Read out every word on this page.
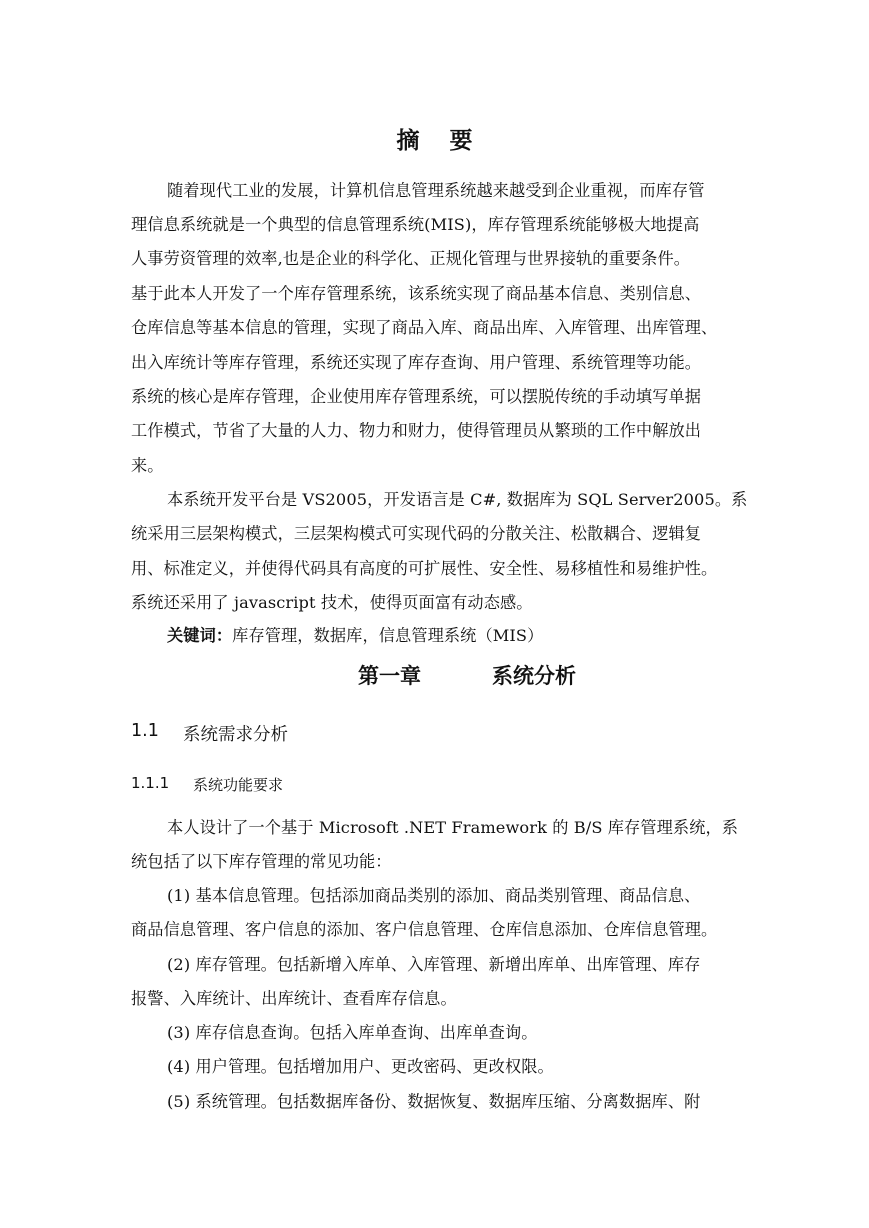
摘要
随着现代工业的发展，计算机信息管理系统越来越受到企业重视，而库存管
理信息系统就是一个典型的信息管理系统(MIS)，库存管理系统能够极大地提高
人事劳资管理的效率,也是企业的科学化、正规化管理与世界接轨的重要条件。
基于此本人开发了一个库存管理系统，该系统实现了商品基本信息、类别信息、
仓库信息等基本信息的管理，实现了商品入库、商品出库、入库管理、出库管理、
出入库统计等库存管理，系统还实现了库存查询、用户管理、系统管理等功能。
系统的核心是库存管理，企业使用库存管理系统，可以摆脱传统的手动填写单据
工作模式，节省了大量的人力、物力和财力，使得管理员从繁琐的工作中解放出
来。
本系统开发平台是 VS2005，开发语言是 C#, 数据库为 SQL Server2005。系
统采用三层架构模式，三层架构模式可实现代码的分散关注、松散耦合、逻辑复
用、标准定义，并使得代码具有高度的可扩展性、安全性、易移植性和易维护性。
系统还采用了 javascript 技术，使得页面富有动态感。
关键词：库存管理，数据库，信息管理系统（MIS）
第一章	系统分析
1.1 系统需求分析
1.1.1 系统功能要求
本人设计了一个基于 Microsoft .NET Framework 的 B/S 库存管理系统，系
统包括了以下库存管理的常见功能：
(1) 基本信息管理。包括添加商品类别的添加、商品类别管理、商品信息、
商品信息管理、客户信息的添加、客户信息管理、仓库信息添加、仓库信息管理。
(2) 库存管理。包括新增入库单、入库管理、新增出库单、出库管理、库存
报警、入库统计、出库统计、查看库存信息。
(3) 库存信息查询。包括入库单查询、出库单查询。
(4) 用户管理。包括增加用户、更改密码、更改权限。
(5) 系统管理。包括数据库备份、数据恢复、数据库压缩、分离数据库、附
